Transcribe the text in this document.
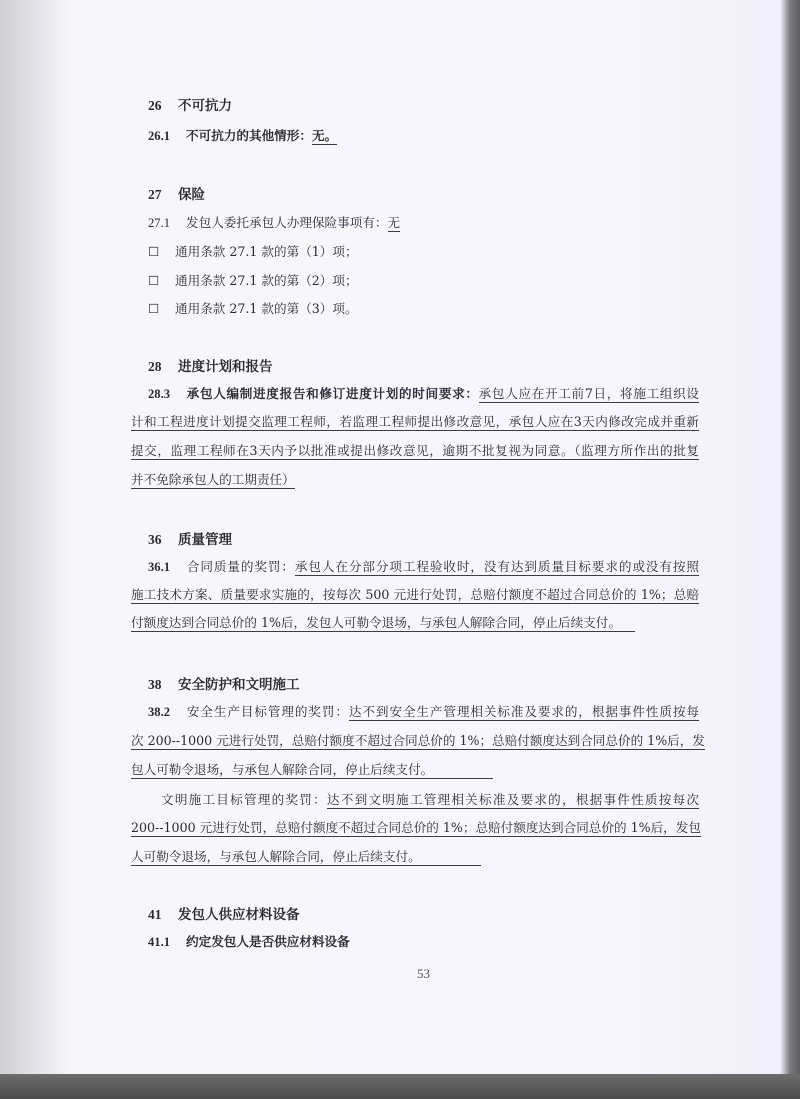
26 不可抗力
26.1 不可抗力的其他情形：无。
27 保险
27.1 发包人委托承包人办理保险事项有：无
☐ 通用条款 27.1 款的第（1）项；
☐ 通用条款 27.1 款的第（2）项；
☐ 通用条款 27.1 款的第（3）项。
28 进度计划和报告
28.3 承包人编制进度报告和修订进度计划的时间要求：承包人应在开工前7日，将施工组织设
计和工程进度计划提交监理工程师，若监理工程师提出修改意见，承包人应在3天内修改完成并重新
提交，监理工程师在3天内予以批准或提出修改意见，逾期不批复视为同意。（监理方所作出的批复
并不免除承包人的工期责任）
36 质量管理
36.1 合同质量的奖罚：承包人在分部分项工程验收时，没有达到质量目标要求的或没有按照
施工技术方案、质量要求实施的，按每次 500 元进行处罚，总赔付额度不超过合同总价的 1%；总赔
付额度达到合同总价的 1%后，发包人可勒令退场，与承包人解除合同，停止后续支付。
38 安全防护和文明施工
38.2 安全生产目标管理的奖罚：达不到安全生产管理相关标准及要求的，根据事件性质按每
次 200--1000 元进行处罚，总赔付额度不超过合同总价的 1%；总赔付额度达到合同总价的 1%后，发
包人可勒令退场，与承包人解除合同，停止后续支付。
文明施工目标管理的奖罚：达不到文明施工管理相关标准及要求的，根据事件性质按每次
200--1000 元进行处罚，总赔付额度不超过合同总价的 1%；总赔付额度达到合同总价的 1%后，发包
人可勒令退场，与承包人解除合同，停止后续支付。
41 发包人供应材料设备
41.1 约定发包人是否供应材料设备
53
